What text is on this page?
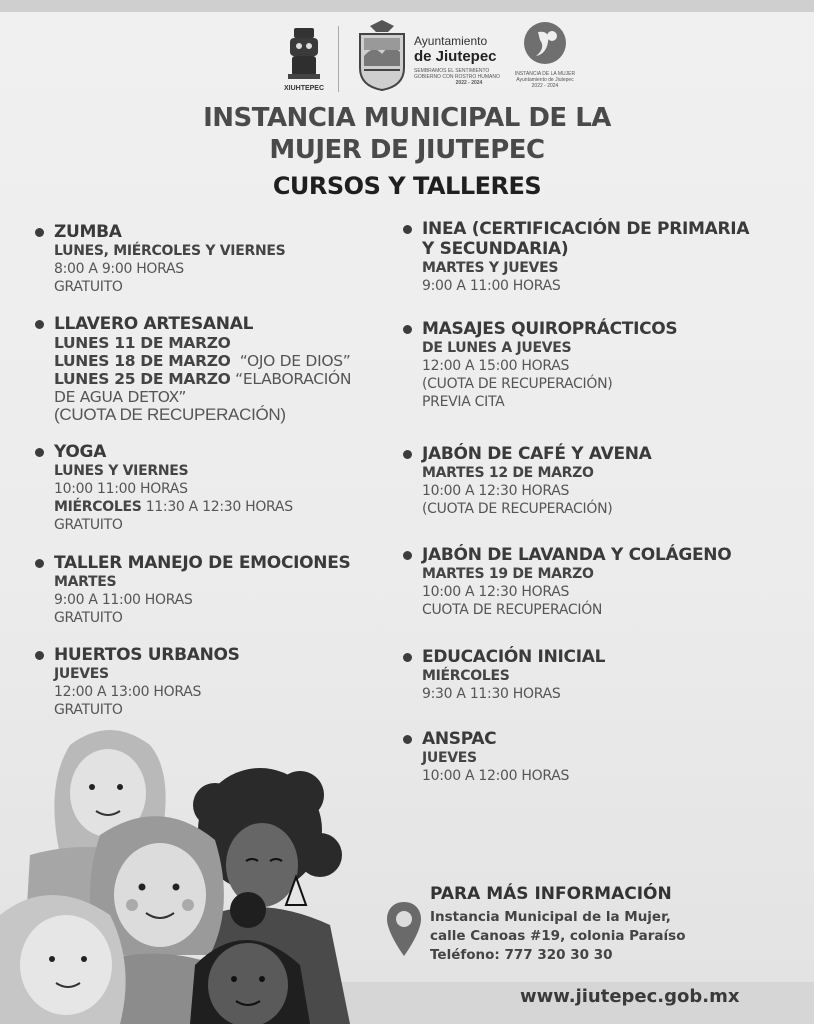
XIUHTEPEC
Ayuntamiento
de Jiutepec
SEMBRAMOS EL SENTIMIENTO
GOBIERNO CON ROSTRO HUMANO
2022 - 2024
INSTANCIA DE LA MUJER
Ayuntamiento de Jiutepec
2022 - 2024
INSTANCIA MUNICIPAL DE LA
MUJER DE JIUTEPEC
CURSOS Y TALLERES
ZUMBA
LUNES, MIÉRCOLES Y VIERNES
8:00 A 9:00 HORAS
GRATUITO
LLAVERO ARTESANAL
LUNES 11 DE MARZO
LUNES 18 DE MARZO “OJO DE DIOS”
LUNES 25 DE MARZO “ELABORACIÓN
DE AGUA DETOX”
(CUOTA DE RECUPERACIÓN)
YOGA
LUNES Y VIERNES
10:00 11:00 HORAS
MIÉRCOLES 11:30 A 12:30 HORAS
GRATUITO
TALLER MANEJO DE EMOCIONES
MARTES
9:00 A 11:00 HORAS
GRATUITO
HUERTOS URBANOS
JUEVES
12:00 A 13:00 HORAS
GRATUITO
INEA (CERTIFICACIÓN DE PRIMARIA
Y SECUNDARIA)
MARTES Y JUEVES
9:00 A 11:00 HORAS
MASAJES QUIROPRÁCTICOS
DE LUNES A JUEVES
12:00 A 15:00 HORAS
(CUOTA DE RECUPERACIÓN)
PREVIA CITA
JABÓN DE CAFÉ Y AVENA
MARTES 12 DE MARZO
10:00 A 12:30 HORAS
(CUOTA DE RECUPERACIÓN)
JABÓN DE LAVANDA Y COLÁGENO
MARTES 19 DE MARZO
10:00 A 12:30 HORAS
CUOTA DE RECUPERACIÓN
EDUCACIÓN INICIAL
MIÉRCOLES
9:30 A 11:30 HORAS
ANSPAC
JUEVES
10:00 A 12:00 HORAS
PARA MÁS INFORMACIÓN
Instancia Municipal de la Mujer,
calle Canoas #19, colonia Paraíso
Teléfono: 777 320 30 30
www.jiutepec.gob.mx
